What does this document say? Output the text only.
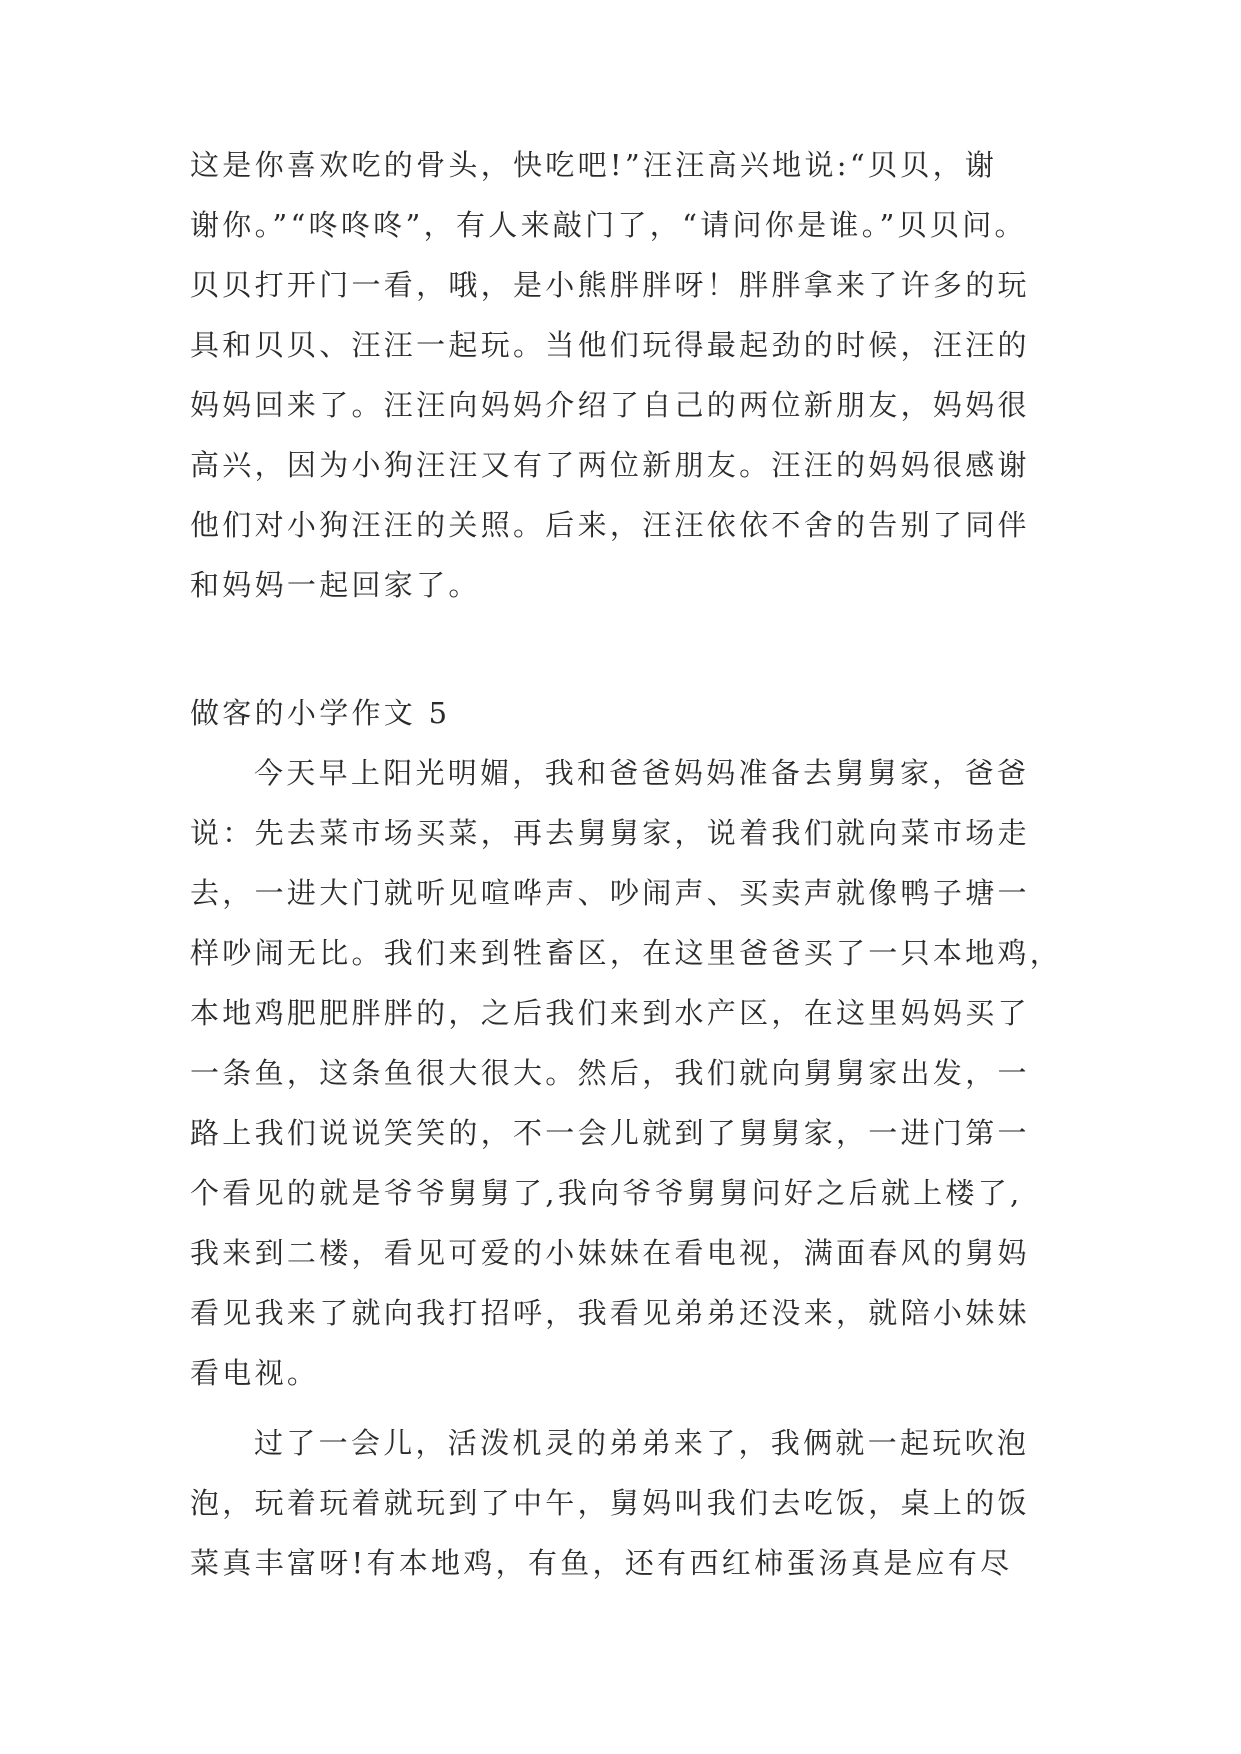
这是你喜欢吃的骨头，快吃吧!”汪汪高兴地说:“贝贝，谢

谢你。”“咚咚咚”，有人来敲门了，“请问你是谁。”贝贝问。

贝贝打开门一看，哦，是小熊胖胖呀！胖胖拿来了许多的玩

具和贝贝、汪汪一起玩。当他们玩得最起劲的时候，汪汪的

妈妈回来了。汪汪向妈妈介绍了自己的两位新朋友，妈妈很

高兴，因为小狗汪汪又有了两位新朋友。汪汪的妈妈很感谢

他们对小狗汪汪的关照。后来，汪汪依依不舍的告别了同伴

和妈妈一起回家了。

做客的小学作文 5

今天早上阳光明媚，我和爸爸妈妈准备去舅舅家，爸爸

说：先去菜市场买菜，再去舅舅家，说着我们就向菜市场走

去，一进大门就听见喧哗声、吵闹声、买卖声就像鸭子塘一

样吵闹无比。我们来到牲畜区，在这里爸爸买了一只本地鸡，

本地鸡肥肥胖胖的，之后我们来到水产区，在这里妈妈买了

一条鱼，这条鱼很大很大。然后，我们就向舅舅家出发，一

路上我们说说笑笑的，不一会儿就到了舅舅家，一进门第一

个看见的就是爷爷舅舅了,我向爷爷舅舅问好之后就上楼了,

我来到二楼，看见可爱的小妹妹在看电视，满面春风的舅妈

看见我来了就向我打招呼，我看见弟弟还没来，就陪小妹妹

看电视。

过了一会儿，活泼机灵的弟弟来了，我俩就一起玩吹泡

泡，玩着玩着就玩到了中午，舅妈叫我们去吃饭，桌上的饭

菜真丰富呀!有本地鸡，有鱼，还有西红柿蛋汤真是应有尽
